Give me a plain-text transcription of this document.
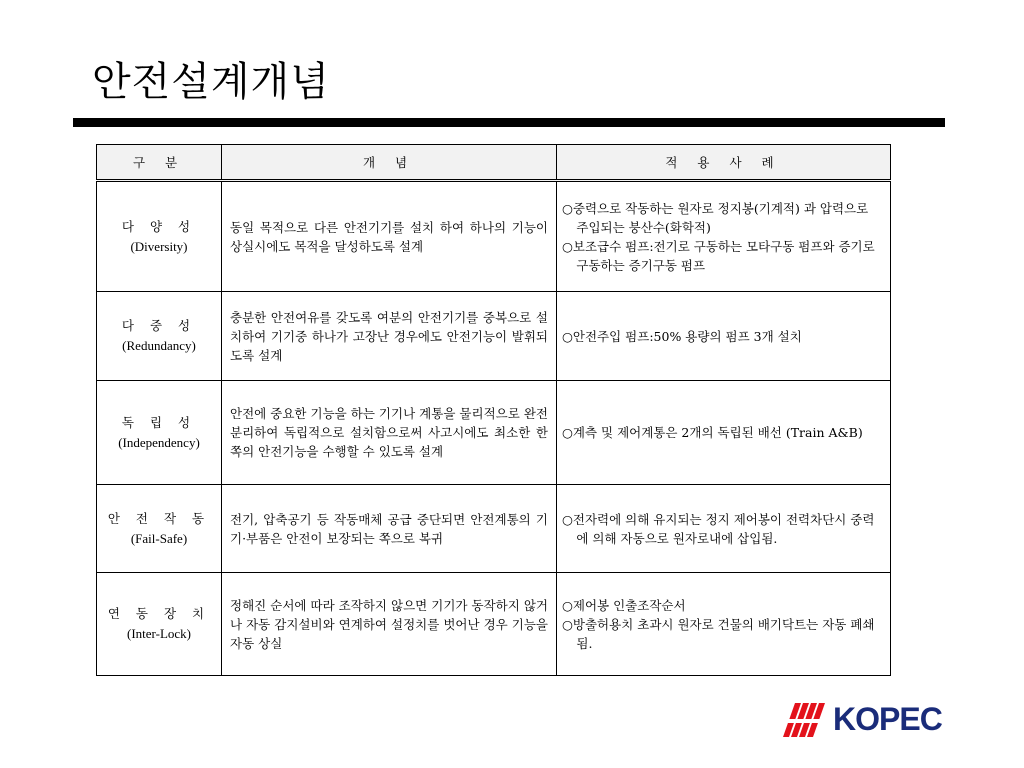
안전설계개념
구 분	개 념	적 용 사 례

다 양 성
(Diversity)	동일 목적으로 다른 안전기기를 설치 하여 하나의 기능이 상실시에도 목적을 달성하도록 설계	○중력으로 작동하는 원자로 정지봉(기계적) 과 압력으로 주입되는 붕산수(화학적)
○보조급수 펌프:전기로 구동하는 모타구동 펌프와 증기로 구동하는 증기구동 펌프

다 중 성
(Redundancy)	충분한 안전여유를 갖도록 여분의 안전기기를 중복으로 설치하여 기기중 하나가 고장난 경우에도 안전기능이 발휘되도록 설계	○안전주입 펌프:50% 용량의 펌프 3개 설치

독 립 성
(Independency)	안전에 중요한 기능을 하는 기기나 계통을 물리적으로 완전분리하여 독립적으로 설치함으로써 사고시에도 최소한 한쪽의 안전기능을 수행할 수 있도록 설계	○계측 및 제어계통은 2개의 독립된 배선 (Train A&B)

안 전 작 동
(Fail-Safe)	전기, 압축공기 등 작동매체 공급 중단되면 안전계통의 기기·부품은 안전이 보장되는 쪽으로 복귀	○전자력에 의해 유지되는 정지 제어봉이 전력차단시 중력에 의해 자동으로 원자로내에 삽입됨.

연 동 장 치
(Inter-Lock)	정해진 순서에 따라 조작하지 않으면 기기가 동작하지 않거나 자동 감지설비와 연계하여 설정치를 벗어난 경우 기능을 자동 상실	○제어봉 인출조작순서
○방출허용치 초과시 원자로 건물의 배기닥트는 자동 폐쇄됨.
KOPEC
